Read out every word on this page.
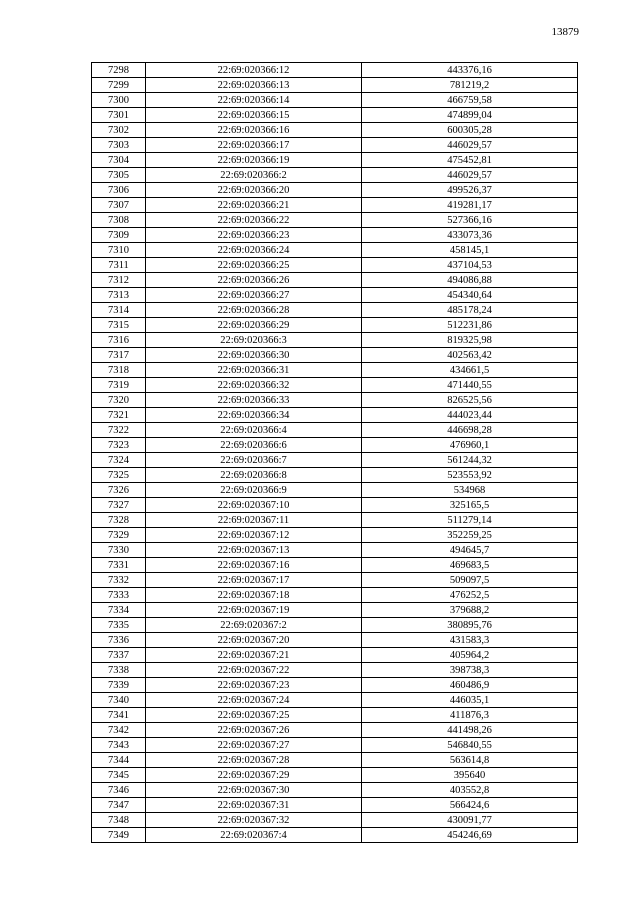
13879
7298	22:69:020366:12	443376,16
7299	22:69:020366:13	781219,2
7300	22:69:020366:14	466759,58
7301	22:69:020366:15	474899,04
7302	22:69:020366:16	600305,28
7303	22:69:020366:17	446029,57
7304	22:69:020366:19	475452,81
7305	22:69:020366:2	446029,57
7306	22:69:020366:20	499526,37
7307	22:69:020366:21	419281,17
7308	22:69:020366:22	527366,16
7309	22:69:020366:23	433073,36
7310	22:69:020366:24	458145,1
7311	22:69:020366:25	437104,53
7312	22:69:020366:26	494086,88
7313	22:69:020366:27	454340,64
7314	22:69:020366:28	485178,24
7315	22:69:020366:29	512231,86
7316	22:69:020366:3	819325,98
7317	22:69:020366:30	402563,42
7318	22:69:020366:31	434661,5
7319	22:69:020366:32	471440,55
7320	22:69:020366:33	826525,56
7321	22:69:020366:34	444023,44
7322	22:69:020366:4	446698,28
7323	22:69:020366:6	476960,1
7324	22:69:020366:7	561244,32
7325	22:69:020366:8	523553,92
7326	22:69:020366:9	534968
7327	22:69:020367:10	325165,5
7328	22:69:020367:11	511279,14
7329	22:69:020367:12	352259,25
7330	22:69:020367:13	494645,7
7331	22:69:020367:16	469683,5
7332	22:69:020367:17	509097,5
7333	22:69:020367:18	476252,5
7334	22:69:020367:19	379688,2
7335	22:69:020367:2	380895,76
7336	22:69:020367:20	431583,3
7337	22:69:020367:21	405964,2
7338	22:69:020367:22	398738,3
7339	22:69:020367:23	460486,9
7340	22:69:020367:24	446035,1
7341	22:69:020367:25	411876,3
7342	22:69:020367:26	441498,26
7343	22:69:020367:27	546840,55
7344	22:69:020367:28	563614,8
7345	22:69:020367:29	395640
7346	22:69:020367:30	403552,8
7347	22:69:020367:31	566424,6
7348	22:69:020367:32	430091,77
7349	22:69:020367:4	454246,69
